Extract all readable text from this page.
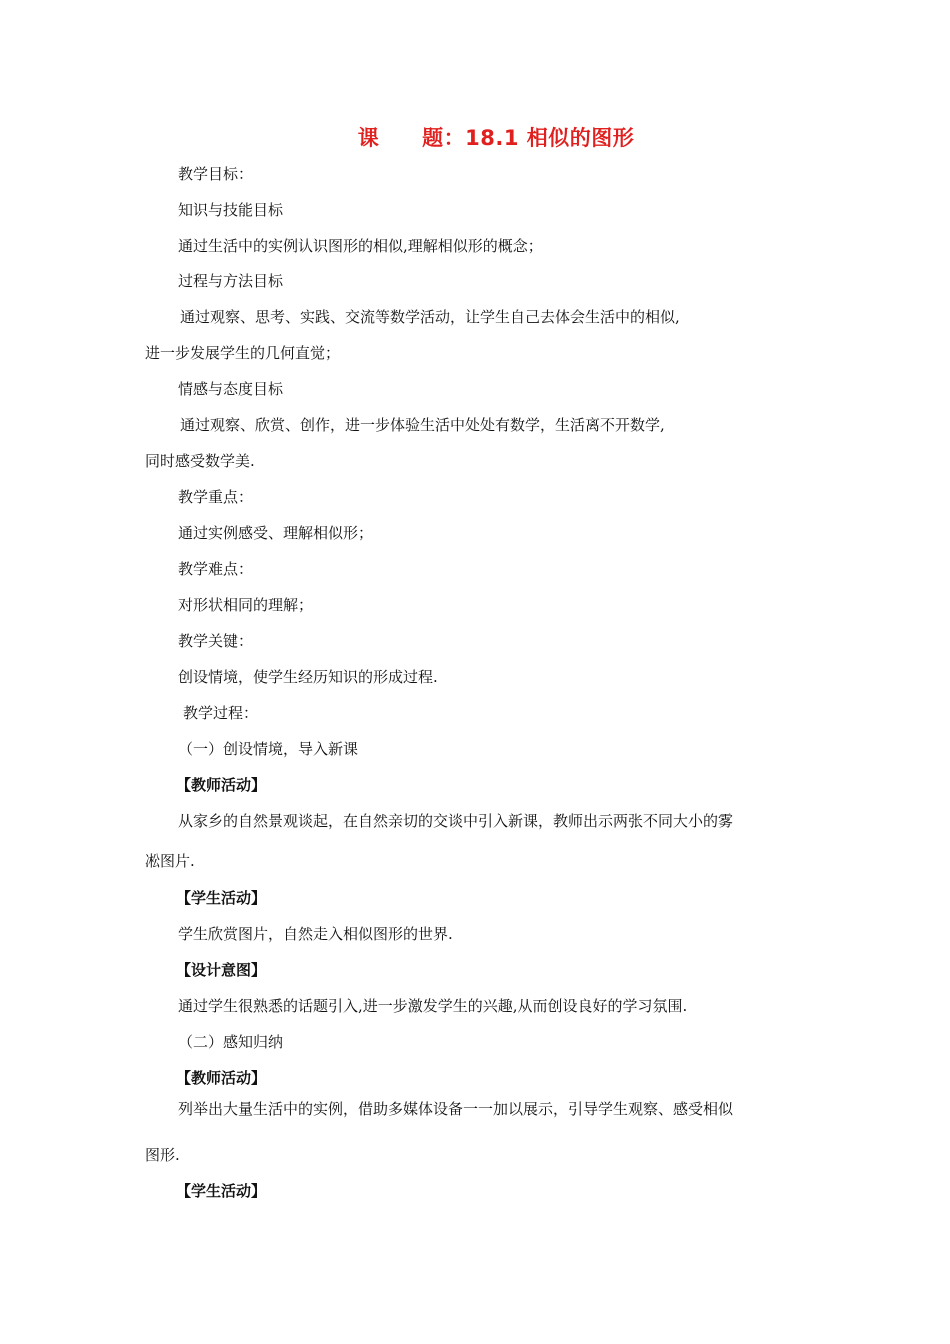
课　　题：18.1 相似的图形
教学目标：
知识与技能目标
通过生活中的实例认识图形的相似,理解相似形的概念；
过程与方法目标
通过观察、思考、实践、交流等数学活动，让学生自己去体会生活中的相似,
进一步发展学生的几何直觉；
情感与态度目标
通过观察、欣赏、创作，进一步体验生活中处处有数学，生活离不开数学,
同时感受数学美.
教学重点：
通过实例感受、理解相似形；
教学难点：
对形状相同的理解；
教学关键：
创设情境，使学生经历知识的形成过程.
教学过程：
（一）创设情境，导入新课
【教师活动】
从家乡的自然景观谈起，在自然亲切的交谈中引入新课，教师出示两张不同大小的雾
凇图片.
【学生活动】
学生欣赏图片，自然走入相似图形的世界.
【设计意图】
通过学生很熟悉的话题引入,进一步激发学生的兴趣,从而创设良好的学习氛围.
（二）感知归纳
【教师活动】
列举出大量生活中的实例，借助多媒体设备一一加以展示，引导学生观察、感受相似
图形.
【学生活动】
